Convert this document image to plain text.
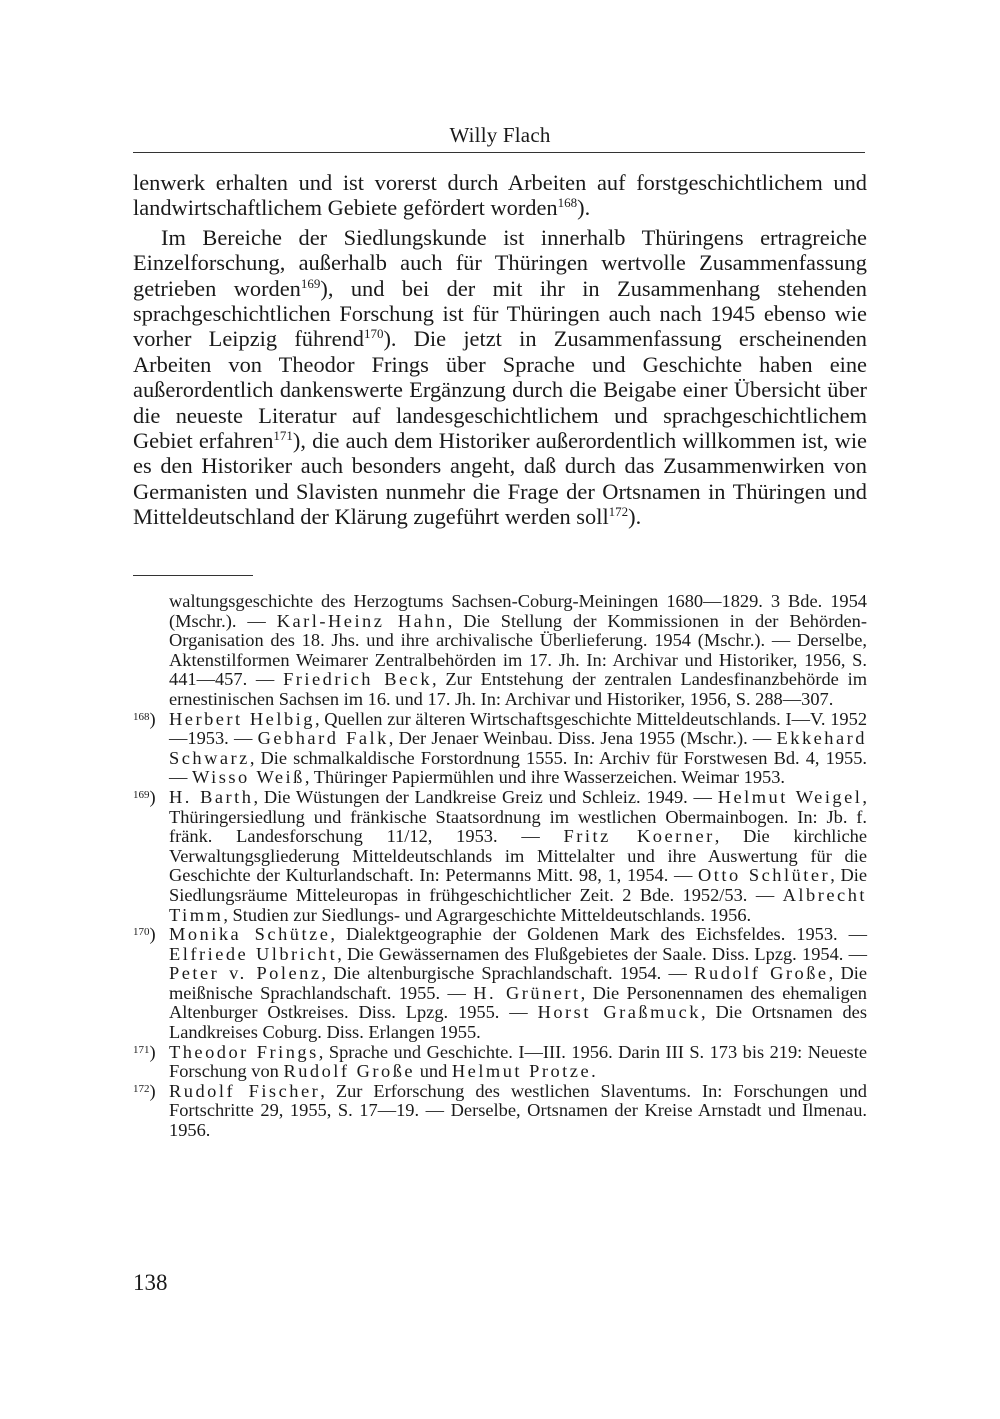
Willy Flach

lenwerk erhalten und ist vorerst durch Arbeiten auf forstgeschichtlichem und landwirtschaftlichem Gebiete gefördert worden$^{168}$).

Im Bereiche der Siedlungskunde ist innerhalb Thüringens ertragreiche Einzelforschung, außerhalb auch für Thüringen wertvolle Zusammenfassung getrieben worden$^{169}$), und bei der mit ihr in Zusammenhang stehenden sprachgeschichtlichen Forschung ist für Thüringen auch nach 1945 ebenso wie vorher Leipzig führend$^{170}$). Die jetzt in Zusammenfassung erscheinenden Arbeiten von Theodor Frings über Sprache und Geschichte haben eine außerordentlich dankenswerte Ergänzung durch die Beigabe einer Übersicht über die neueste Literatur auf landesgeschichtlichem und sprachgeschichtlichem Gebiet erfahren$^{171}$), die auch dem Historiker außerordentlich willkommen ist, wie es den Historiker auch besonders angeht, daß durch das Zusammenwirken von Germanisten und Slavisten nunmehr die Frage der Ortsnamen in Thüringen und Mitteldeutschland der Klärung zugeführt werden soll$^{172}$).

waltungsgeschichte des Herzogtums Sachsen-Coburg-Meiningen 1680—1829. 3 Bde. 1954 (Mschr.). — Karl-Heinz Hahn, Die Stellung der Kommissionen in der Behörden-Organisation des 18. Jhs. und ihre archivalische Überlieferung. 1954 (Mschr.). — Derselbe, Aktenstilformen Weimarer Zentralbehörden im 17. Jh. In: Archivar und Historiker, 1956, S. 441—457. — Friedrich Beck, Zur Entstehung der zentralen Landesfinanzbehörde im ernestinischen Sachsen im 16. und 17. Jh. In: Archivar und Historiker, 1956, S. 288—307.
$^{168}$) Herbert Helbig, Quellen zur älteren Wirtschaftsgeschichte Mitteldeutschlands. I—V. 1952—1953. — Gebhard Falk, Der Jenaer Weinbau. Diss. Jena 1955 (Mschr.). — Ekkehard Schwarz, Die schmalkaldische Forstordnung 1555. In: Archiv für Forstwesen Bd. 4, 1955. — Wisso Weiß, Thüringer Papiermühlen und ihre Wasserzeichen. Weimar 1953.
$^{169}$) H. Barth, Die Wüstungen der Landkreise Greiz und Schleiz. 1949. — Helmut Weigel, Thüringersiedlung und fränkische Staatsordnung im westlichen Obermainbogen. In: Jb. f. fränk. Landesforschung 11/12, 1953. — Fritz Koerner, Die kirchliche Verwaltungsgliederung Mitteldeutschlands im Mittelalter und ihre Auswertung für die Geschichte der Kulturlandschaft. In: Petermanns Mitt. 98, 1, 1954. — Otto Schlüter, Die Siedlungsräume Mitteleuropas in frühgeschichtlicher Zeit. 2 Bde. 1952/53. — Albrecht Timm, Studien zur Siedlungs- und Agrargeschichte Mitteldeutschlands. 1956.
$^{170}$) Monika Schütze, Dialektgeographie der Goldenen Mark des Eichsfeldes. 1953. — Elfriede Ulbricht, Die Gewässernamen des Flußgebietes der Saale. Diss. Lpzg. 1954. — Peter v. Polenz, Die altenburgische Sprachlandschaft. 1954. — Rudolf Große, Die meißnische Sprachlandschaft. 1955. — H. Grünert, Die Personennamen des ehemaligen Altenburger Ostkreises. Diss. Lpzg. 1955. — Horst Graßmuck, Die Ortsnamen des Landkreises Coburg. Diss. Erlangen 1955.
$^{171}$) Theodor Frings, Sprache und Geschichte. I—III. 1956. Darin III S. 173 bis 219: Neueste Forschung von Rudolf Große und Helmut Protze.
$^{172}$) Rudolf Fischer, Zur Erforschung des westlichen Slaventums. In: Forschungen und Fortschritte 29, 1955, S. 17—19. — Derselbe, Ortsnamen der Kreise Arnstadt und Ilmenau. 1956.
138
